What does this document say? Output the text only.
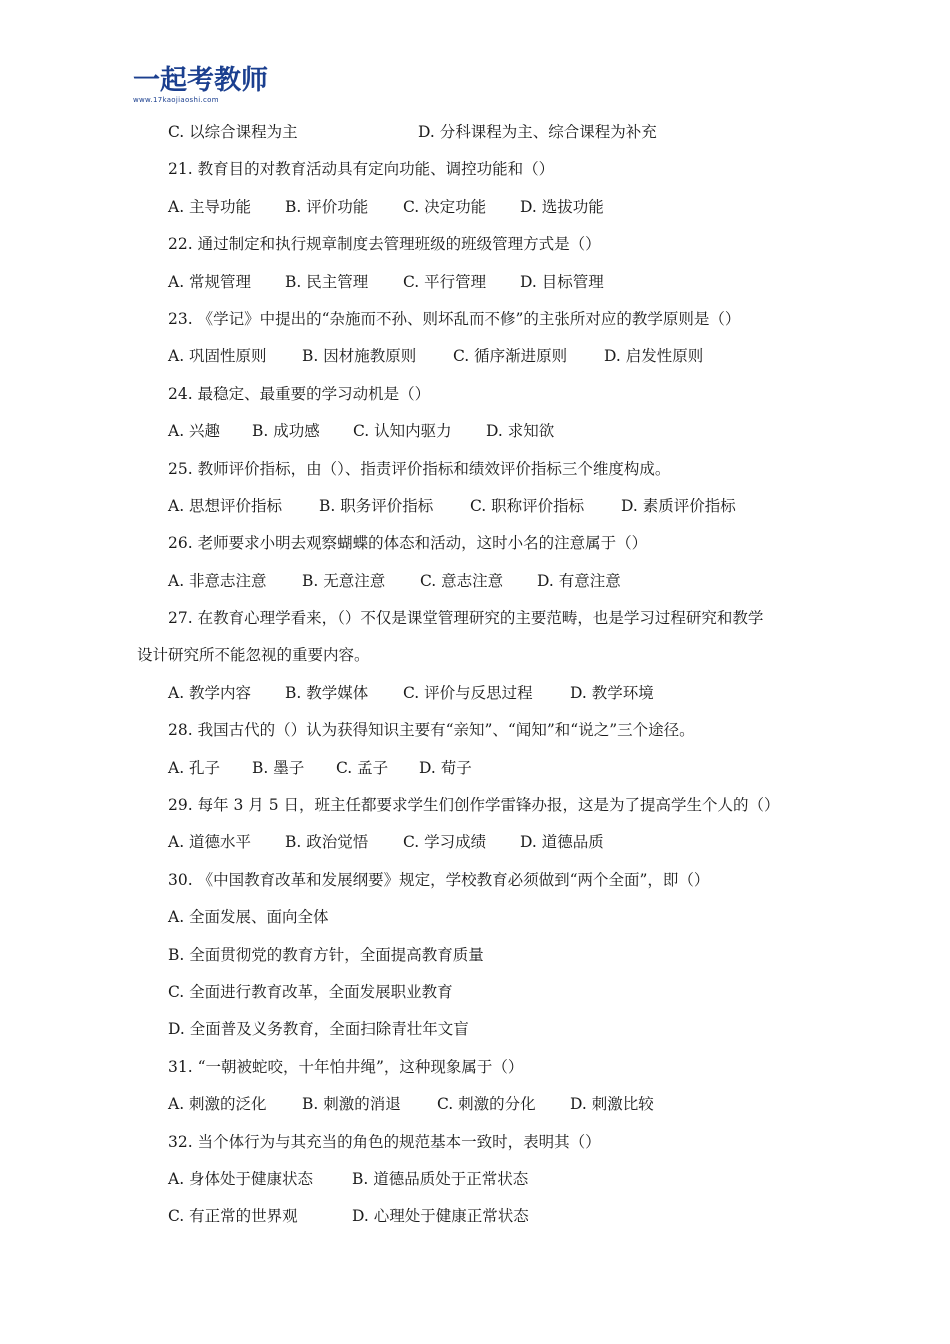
一起考教师
www.17kaojiaoshi.com
C. 以综合课程为主	D. 分科课程为主、综合课程为补充
21. 教育目的对教育活动具有定向功能、调控功能和（）
A. 主导功能	B. 评价功能	C. 决定功能	D. 选拔功能
22. 通过制定和执行规章制度去管理班级的班级管理方式是（）
A. 常规管理	B. 民主管理	C. 平行管理	D. 目标管理
23. 《学记》中提出的“杂施而不孙、则坏乱而不修”的主张所对应的教学原则是（）
A. 巩固性原则	B. 因材施教原则	C. 循序渐进原则	D. 启发性原则
24. 最稳定、最重要的学习动机是（）
A. 兴趣	B. 成功感	C. 认知内驱力	D. 求知欲
25. 教师评价指标，由（）、指责评价指标和绩效评价指标三个维度构成。
A. 思想评价指标	B. 职务评价指标	C. 职称评价指标	D. 素质评价指标
26. 老师要求小明去观察蝴蝶的体态和活动，这时小名的注意属于（）
A. 非意志注意	B. 无意注意	C. 意志注意	D. 有意注意
27. 在教育心理学看来，（）不仅是课堂管理研究的主要范畴，也是学习过程研究和教学
设计研究所不能忽视的重要内容。
A. 教学内容	B. 教学媒体	C. 评价与反思过程	D. 教学环境
28. 我国古代的（）认为获得知识主要有“亲知”、“闻知”和“说之”三个途径。
A. 孔子	B. 墨子	C. 孟子	D. 荀子
29. 每年 3 月 5 日，班主任都要求学生们创作学雷锋办报，这是为了提高学生个人的（）
A. 道德水平	B. 政治觉悟	C. 学习成绩	D. 道德品质
30. 《中国教育改革和发展纲要》规定，学校教育必须做到“两个全面”，即（）
A. 全面发展、面向全体
B. 全面贯彻党的教育方针，全面提高教育质量
C. 全面进行教育改革，全面发展职业教育
D. 全面普及义务教育，全面扫除青壮年文盲
31. “一朝被蛇咬，十年怕井绳”，这种现象属于（）
A. 刺激的泛化	B. 刺激的消退	C. 刺激的分化	D. 刺激比较
32. 当个体行为与其充当的角色的规范基本一致时，表明其（）
A. 身体处于健康状态	B. 道德品质处于正常状态
C. 有正常的世界观	D. 心理处于健康正常状态
